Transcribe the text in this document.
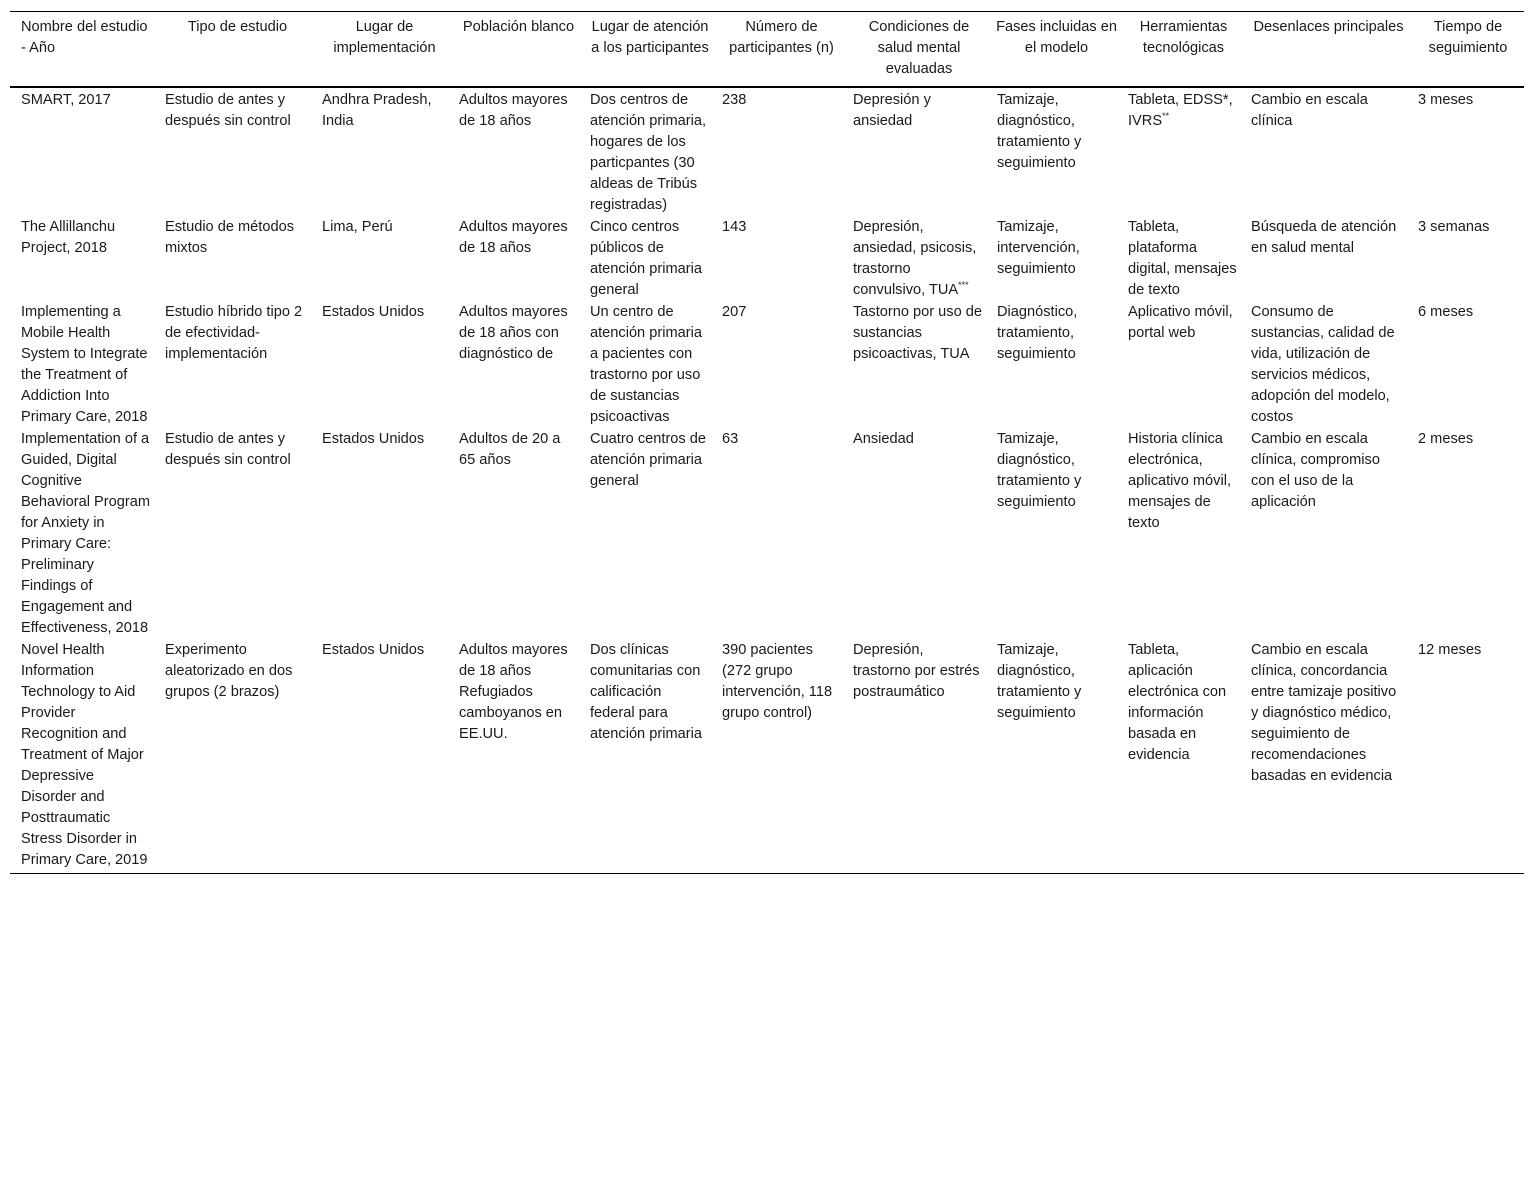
Nombre del estudio - Año	Tipo de estudio	Lugar de implementación	Población blanco	Lugar de atención a los participantes	Número de participantes (n)	Condiciones de salud mental evaluadas	Fases incluidas en el modelo	Herramientas tecnológicas	Desenlaces principales	Tiempo de seguimiento
SMART, 2017	Estudio de antes y después sin control	Andhra Pradesh, India	Adultos mayores de 18 años	Dos centros de atención primaria, hogares de los particpantes (30 aldeas de Tribús registradas)	238	Depresión y ansiedad	Tamizaje, diagnóstico, tratamiento y seguimiento	Tableta, EDSS*, IVRS**	Cambio en escala clínica	3 meses
The Allillanchu Project, 2018	Estudio de métodos mixtos	Lima, Perú	Adultos mayores de 18 años	Cinco centros públicos de atención primaria general	143	Depresión, ansiedad, psicosis, trastorno convulsivo, TUA***	Tamizaje, intervención, seguimiento	Tableta, plataforma digital, mensajes de texto	Búsqueda de atención en salud mental	3 semanas
Implementing a Mobile Health System to Integrate the Treatment of Addiction Into Primary Care, 2018	Estudio híbrido tipo 2 de efectividad-implementación	Estados Unidos	Adultos mayores de 18 años con diagnóstico de	Un centro de atención primaria a pacientes con trastorno por uso de sustancias psicoactivas	207	Tastorno por uso de sustancias psicoactivas, TUA	Diagnóstico, tratamiento, seguimiento	Aplicativo móvil, portal web	Consumo de sustancias, calidad de vida, utilización de servicios médicos, adopción del modelo, costos	6 meses
Implementation of a Guided, Digital Cognitive Behavioral Program for Anxiety in Primary Care: Preliminary Findings of Engagement and Effectiveness, 2018	Estudio de antes y después sin control	Estados Unidos	Adultos de 20 a 65 años	Cuatro centros de atención primaria general	63	Ansiedad	Tamizaje, diagnóstico, tratamiento y seguimiento	Historia clínica electrónica, aplicativo móvil, mensajes de texto	Cambio en escala clínica, compromiso con el uso de la aplicación	2 meses
Novel Health Information Technology to Aid Provider Recognition and Treatment of Major Depressive Disorder and Posttraumatic Stress Disorder in Primary Care, 2019	Experimento aleatorizado en dos grupos (2 brazos)	Estados Unidos	Adultos mayores de 18 años Refugiados camboyanos en EE.UU.	Dos clínicas comunitarias con calificación federal para atención primaria	390 pacientes (272 grupo intervención, 118 grupo control)	Depresión, trastorno por estrés postraumático	Tamizaje, diagnóstico, tratamiento y seguimiento	Tableta, aplicación electrónica con información basada en evidencia	Cambio en escala clínica, concordancia entre tamizaje positivo y diagnóstico médico, seguimiento de recomendaciones basadas en evidencia	12 meses
